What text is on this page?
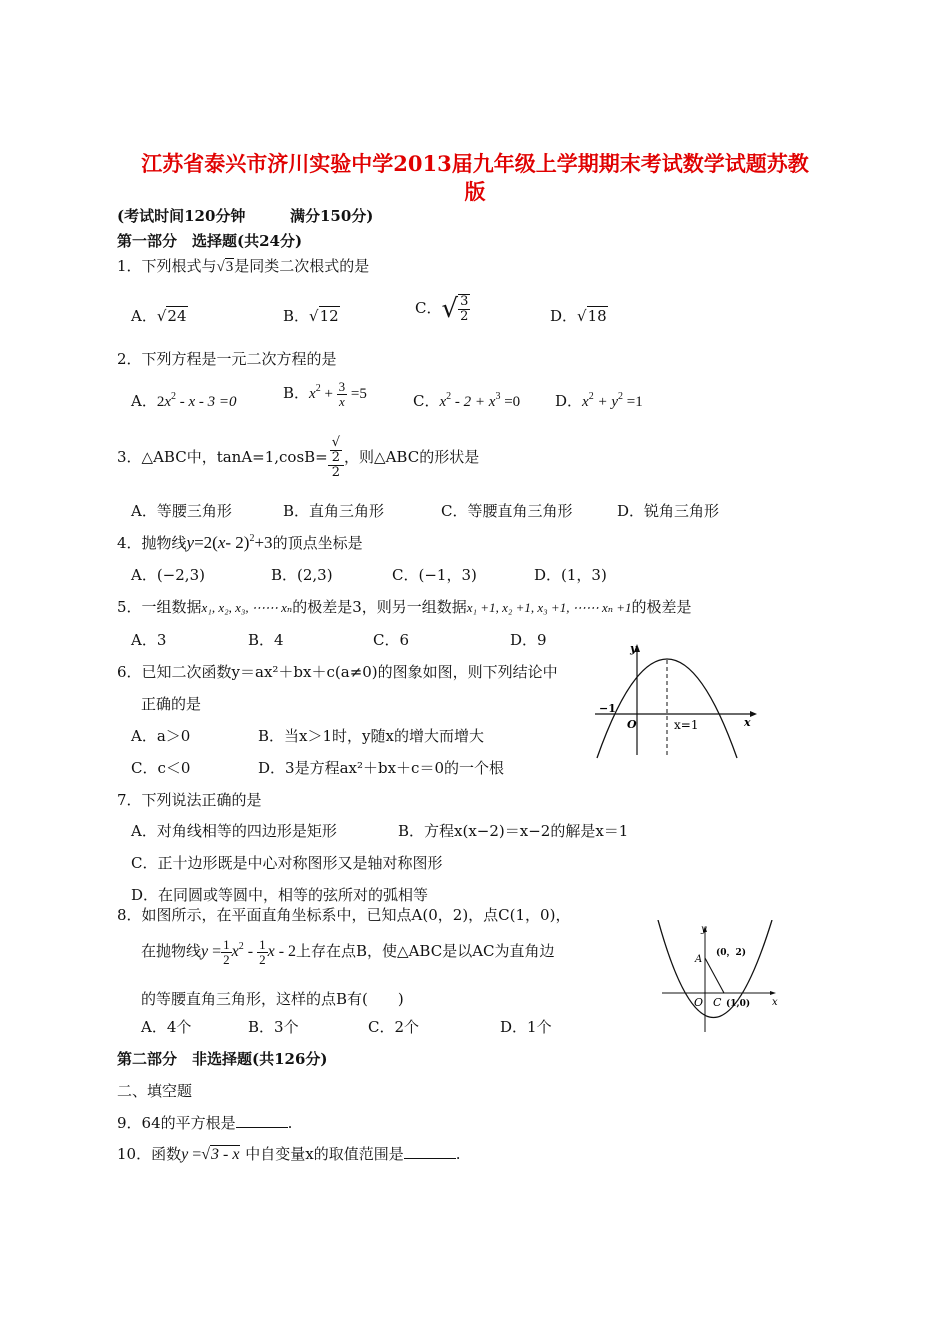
江苏省泰兴市济川实验中学2013届九年级上学期期末考试数学试题苏教
版
(考试时间120分钟	满分150分)
第一部分　选择题(共24分)
1．下列根式与√3是同类二次根式的是
A．√24	B．√12	C．√ $\frac{3}{2}$	D．√18
2．下列方程是一元二次方程的是
A．$2x^2 - x - 3 =0$
B．$x^2 + \frac{3}{x} =5$	C．$x^2 - 2 + x^3 =0$ D．$x^2 + y^2 =1$
3．△ABC中，tanA=1,cosB= √
2
2 ，则△ABC的形状是
A．等腰三角形	B．直角三角形	C．等腰直角三角形	D．锐角三角形
4．抛物线y=2(x- 2)$^2$+3的顶点坐标是
A．(−2,3)	B．(2,3)	C．(−1，3)	D．(1，3)
5．一组数据x₁, x₂, x₃, ⋯⋯ xₙ的极差是3，则另一组数据x₁ +1, x₂ +1, x₃ +1, ⋯⋯ xₙ +1的极差是
A．3	B．4	C．6	D．9
6．已知二次函数y＝ax²＋bx＋c(a≠0)的图象如图，则下列结论中
正确的是
A．a＞0	B．当x＞1时，y随x的增大而增大
C．c＜0	D．3是方程ax²＋bx＋c＝0的一个根
y
x
O
−1
x=1
7．下列说法正确的是
A．对角线相等的四边形是矩形	B．方程x(x−2)＝x−2的解是x＝1
C．正十边形既是中心对称图形又是轴对称图形
D．在同圆或等圆中，相等的弦所对的弧相等
8．如图所示，在平面直角坐标系中，已知点A(0，2)，点C(1，0)，
在抛物线$y = \frac{1}{2} x^2 - \frac{1}{2}$ x - 2上存在点B，使△ABC是以AC为直角边
的等腰直角三角形，这样的点B有(　　)
A．4个	B．3个	C．2个	D．1个
y
x
O
A
C
(0，2)
(1,0)
第二部分　非选择题(共126分)
二、填空题
9．64的平方根是	.
10．函数y =√3 - x 中自变量x的取值范围是	.
